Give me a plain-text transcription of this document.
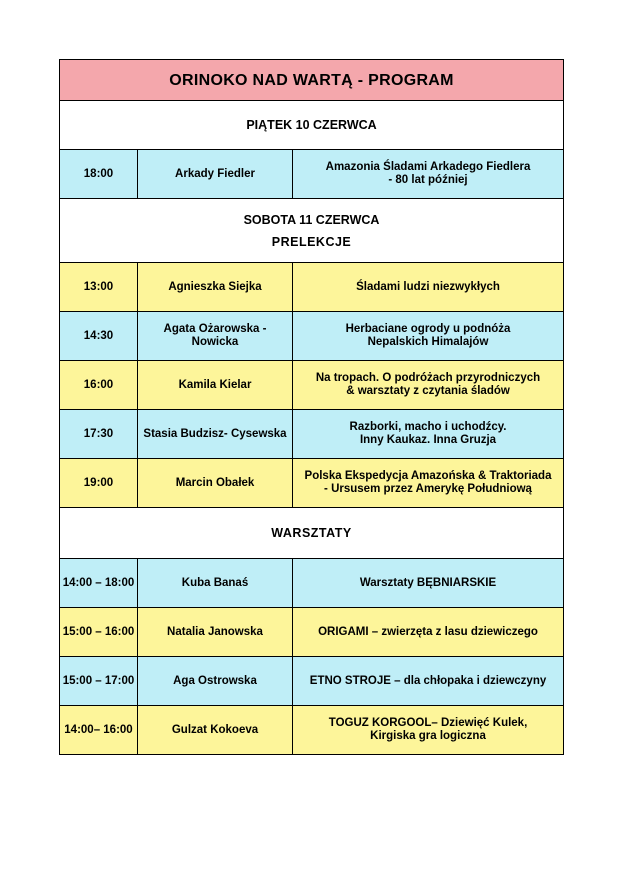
ORINOKO NAD WARTĄ - PROGRAM		
PIĄTEK 10 CZERWCA		
18:00	Arkady Fiedler	Amazonia Śladami Arkadego Fiedlera
- 80 lat później
SOBOTA 11 CZERWCA
PRELEKCJE		
13:00	Agnieszka Siejka	Śladami ludzi niezwykłych
14:30	Agata Ożarowska - Nowicka	Herbaciane ogrody u podnóża
Nepalskich Himalajów
16:00	Kamila Kielar	Na tropach. O podróżach przyrodniczych
& warsztaty z czytania śladów
17:30	Stasia Budzisz- Cysewska	Razborki, macho i uchodźcy.
Inny Kaukaz. Inna Gruzja
19:00	Marcin Obałek	Polska Ekspedycja Amazońska & Traktoriada
- Ursusem przez Amerykę Południową
WARSZTATY		
14:00 – 18:00	Kuba Banaś	Warsztaty BĘBNIARSKIE
15:00 – 16:00	Natalia Janowska	ORIGAMI – zwierzęta z lasu dziewiczego
15:00 – 17:00	Aga Ostrowska	ETNO STROJE – dla chłopaka i dziewczyny
14:00– 16:00	Gulzat Kokoeva	TOGUZ KORGOOL– Dziewięć Kulek,
Kirgiska gra logiczna
